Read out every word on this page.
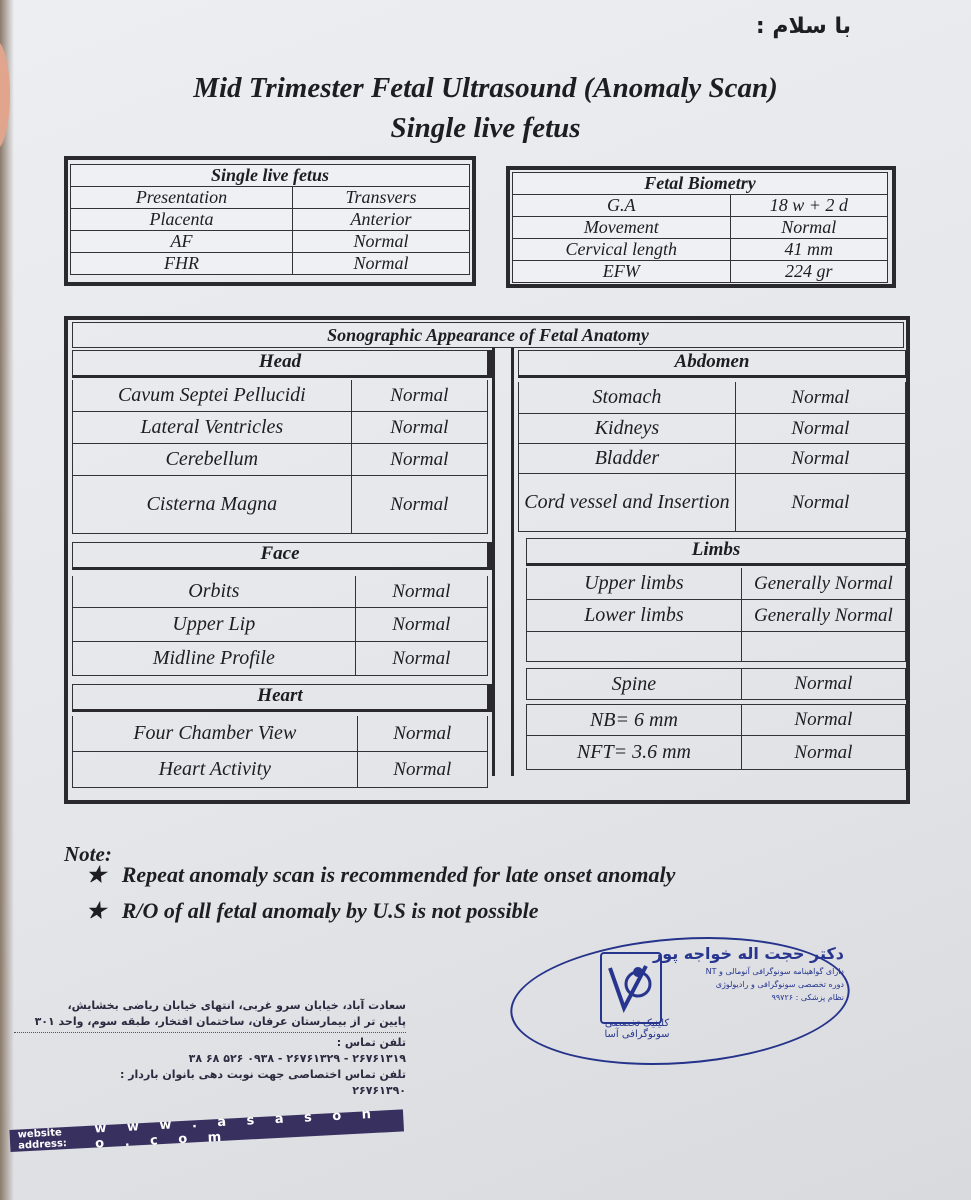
با سلام :
Mid Trimester Fetal Ultrasound (Anomaly Scan)
Single live fetus
Single live fetus	
Presentation	Transvers
Placenta	Anterior
AF	Normal
FHR	Normal
Fetal Biometry	
G.A	18 w + 2 d
Movement	Normal
Cervical length	41 mm
EFW	224 gr
Sonographic Appearance of Fetal Anatomy
Head
Cavum Septei Pellucidi	Normal
Lateral Ventricles	Normal
Cerebellum	Normal
Cisterna Magna	Normal
Face
Orbits	Normal
Upper Lip	Normal
Midline Profile	Normal
Heart
Four Chamber View	Normal
Heart Activity	Normal
Abdomen
Stomach	Normal
Kidneys	Normal
Bladder	Normal
Cord vessel and Insertion	Normal
Limbs
Upper limbs	Generally Normal
Lower limbs	Generally Normal
Spine	Normal
NB= 6 mm	Normal
NFT= 3.6 mm	Normal
Note:
★ Repeat anomaly scan is recommended for late onset anomaly
★ R/O of all fetal anomaly by U.S is not possible
دکتر حجت اله خواجه پور
دارای گواهینامه سونوگرافی آنومالی و NT
دوره تخصصی سونوگرافی و رادیولوژی
نظام پزشکی : ۹۹۷۲۶
کلینیک تخصصی سونوگرافی آسا
سعادت آباد، خیابان سرو غربی، انتهای خیابان ریاضی بخشایش،
پایین تر از بیمارستان عرفان، ساختمان افتخار، طبقه سوم، واحد ۳۰۱
تلفن تماس :
۲۶۷۶۱۳۱۹ - ۲۶۷۶۱۳۲۹ - ۰۹۳۸ ۵۲۶ ۶۸ ۳۸
تلفن تماس اختصاصی جهت نوبت دهی بانوان باردار :
۲۶۷۶۱۳۹۰
website address:
w w w . a s a s o n o . c o m
